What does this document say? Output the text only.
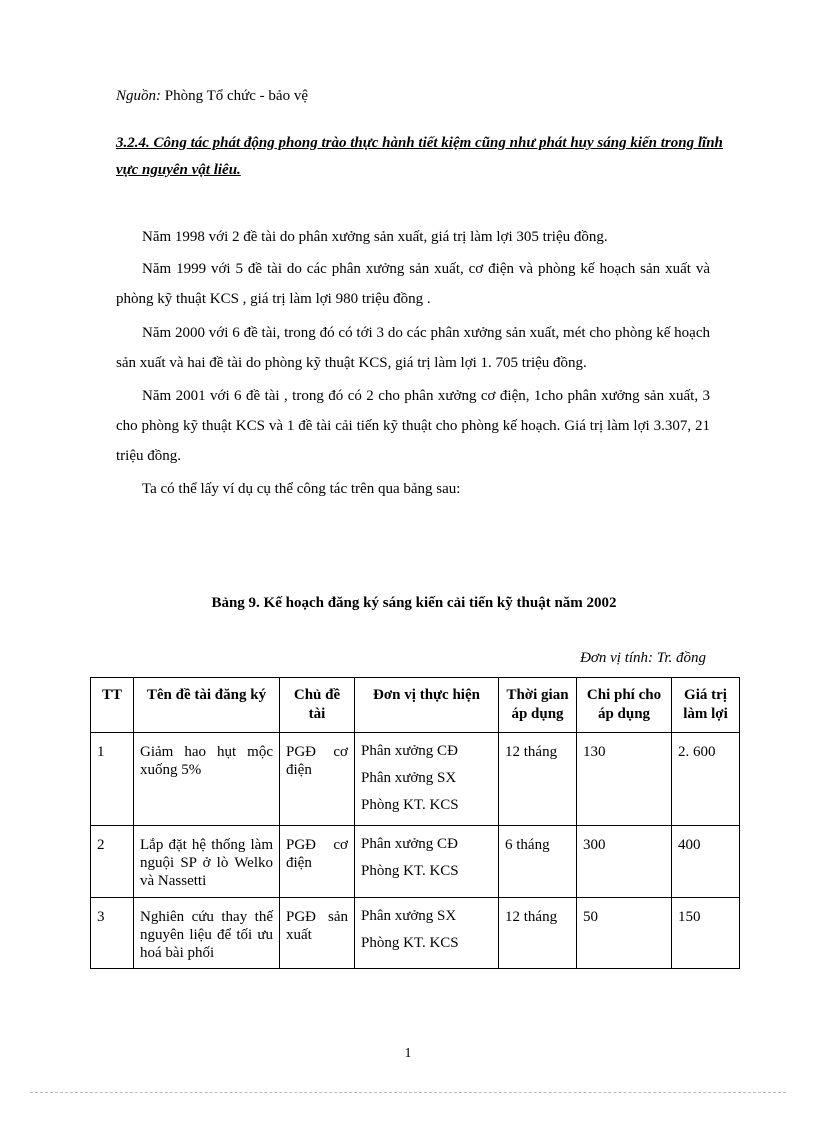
Nguồn: Phòng Tổ chức - bảo vệ
3.2.4. Công tác phát động phong trào thực hành tiết kiệm cũng như phát huy sáng kiến trong lĩnh vực nguyên vật liêu.

Năm 1998 với 2 đề tài do phân xưởng sản xuất, giá trị làm lợi 305 triệu đồng.

Năm 1999 với 5 đề tài do các phân xưởng sản xuất, cơ điện và phòng kế hoạch sản xuất và phòng kỹ thuật KCS , giá trị làm lợi 980 triệu đồng .

Năm 2000 với 6 đề tài, trong đó có tới 3 do các phân xưởng sản xuất, mét cho phòng kế hoạch sản xuất và hai đề tài do phòng kỹ thuật KCS, giá trị làm lợi 1. 705 triệu đồng.

Năm 2001 với 6 đề tài , trong đó có 2 cho phân xưởng cơ điện, 1cho phân xưởng sản xuất, 3 cho phòng kỹ thuật KCS và 1 đề tài cải tiến kỹ thuật cho phòng kế hoạch. Giá trị làm lợi 3.307, 21 triệu đồng.

Ta có thể lấy ví dụ cụ thể công tác trên qua bảng sau:

Bảng 9. Kế hoạch đăng ký sáng kiến cải tiến kỹ thuật năm 2002
Đơn vị tính: Tr. đồng
TT	Tên đề tài đăng ký	Chủ đề tài	Đơn vị thực hiện	Thời gian áp dụng	Chi phí cho áp dụng	Giá trị làm lợi
1	Giảm hao hụt mộc xuống 5%	PGĐ cơ điện	Phân xưởng CĐ
Phân xưởng SX
Phòng KT. KCS	12 tháng	130	2. 600
2	Lắp đặt hệ thống làm nguội SP ở lò Welko và Nassetti	PGĐ cơ điện	Phân xưởng CĐ
Phòng KT. KCS	6 tháng	300	400
3	Nghiên cứu thay thế nguyên liệu để tối ưu hoá bài phối	PGĐ sản xuất	Phân xưởng SX
Phòng KT. KCS	12 tháng	50	150
1
